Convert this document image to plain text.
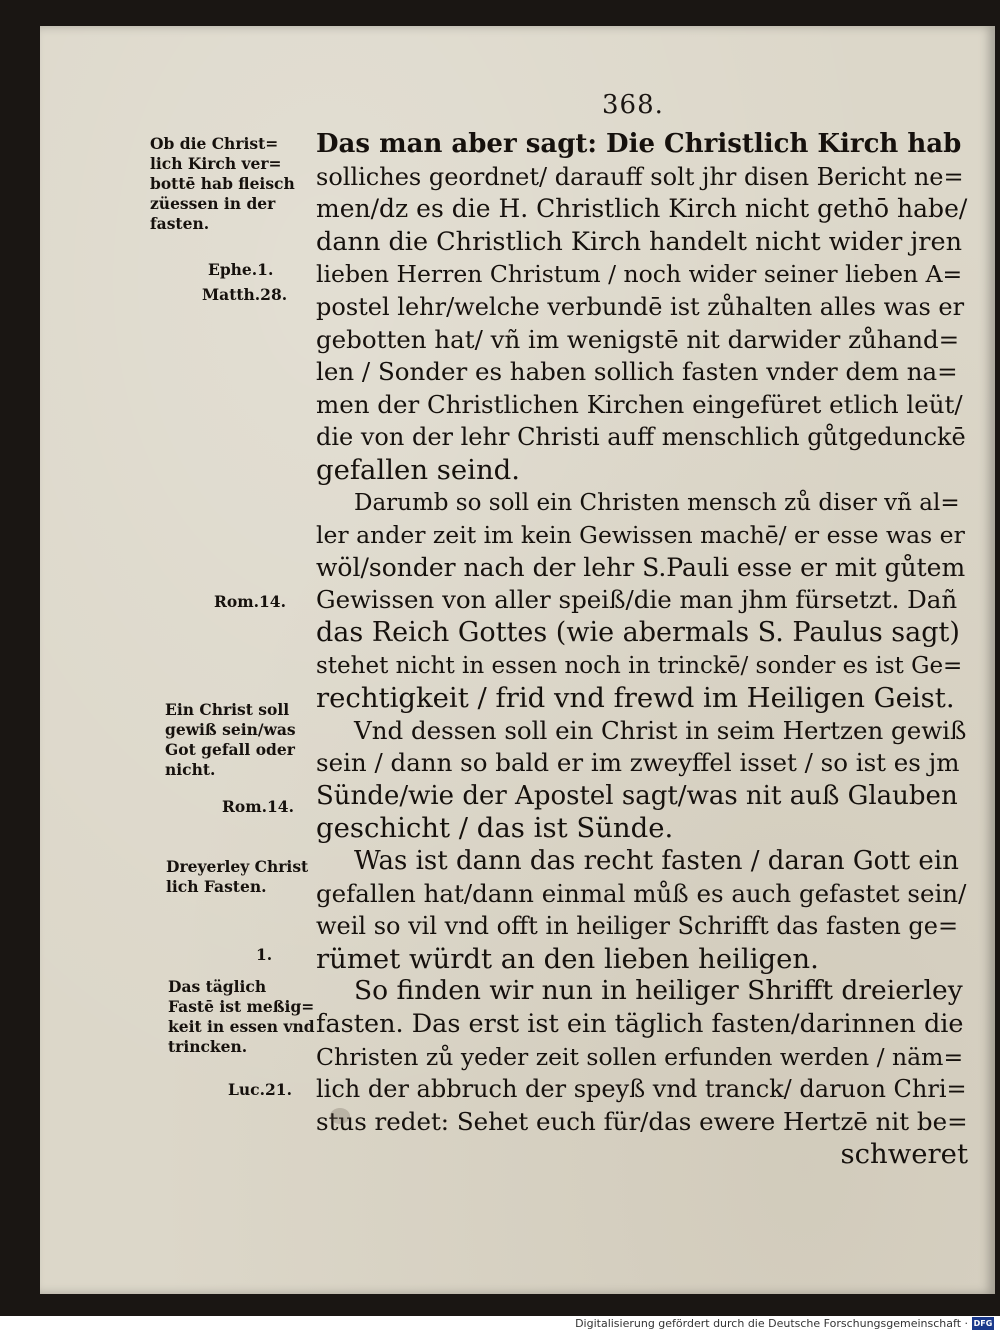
368.
Das man aber sagt: Die Christlich Kirch hab
solliches geordnet/ darauff solt jhr disen Bericht ne=
men/dz es die H. Christlich Kirch nicht gethō habe/
dann die Christlich Kirch handelt nicht wider jren
lieben Herren Christum / noch wider seiner lieben A=
postel lehr/welche verbundē ist zůhalten alles was er
gebotten hat/ vñ im wenigstē nit darwider zůhand=
len / Sonder es haben sollich fasten vnder dem na=
men der Christlichen Kirchen eingefüret etlich leüt/
die von der lehr Christi auff menschlich gůtgedunckē
gefallen seind.
Darumb so soll ein Christen mensch zů diser vñ al=
ler ander zeit im kein Gewissen machē/ er esse was er
wöl/sonder nach der lehr S.Pauli esse er mit gůtem
Gewissen von aller speiß/die man jhm fürsetzt. Dañ
das Reich Gottes (wie abermals S. Paulus sagt)
stehet nicht in essen noch in trinckē/ sonder es ist Ge=
rechtigkeit / frid vnd frewd im Heiligen Geist.
Vnd dessen soll ein Christ in seim Hertzen gewiß
sein / dann so bald er im zweyffel isset / so ist es jm
Sünde/wie der Apostel sagt/was nit auß Glauben
geschicht / das ist Sünde.
Was ist dann das recht fasten / daran Gott ein
gefallen hat/dann einmal můß es auch gefastet sein/
weil so vil vnd offt in heiliger Schrifft das fasten ge=
rümet würdt an den lieben heiligen.
So finden wir nun in heiliger Shrifft dreierley
fasten. Das erst ist ein täglich fasten/darinnen die
Christen zů yeder zeit sollen erfunden werden / näm=
lich der abbruch der speyß vnd tranck/ daruon Chri=
stus redet: Sehet euch für/das ewere Hertzē nit be=
schweret
Ob die Christ=
lich Kirch ver=
bottē hab fleisch
züessen in der
fasten.
Ephe.1.
Matth.28.
Rom.14.
Ein Christ soll
gewiß sein/was
Got gefall oder
nicht.
Rom.14.
Dreyerley Christ
lich Fasten.
1.
Das täglich
Fastē ist meßig=
keit in essen vnd
trincken.
Luc.21.
Digitalisierung gefördert durch die Deutsche Forschungsgemeinschaft · DFG
